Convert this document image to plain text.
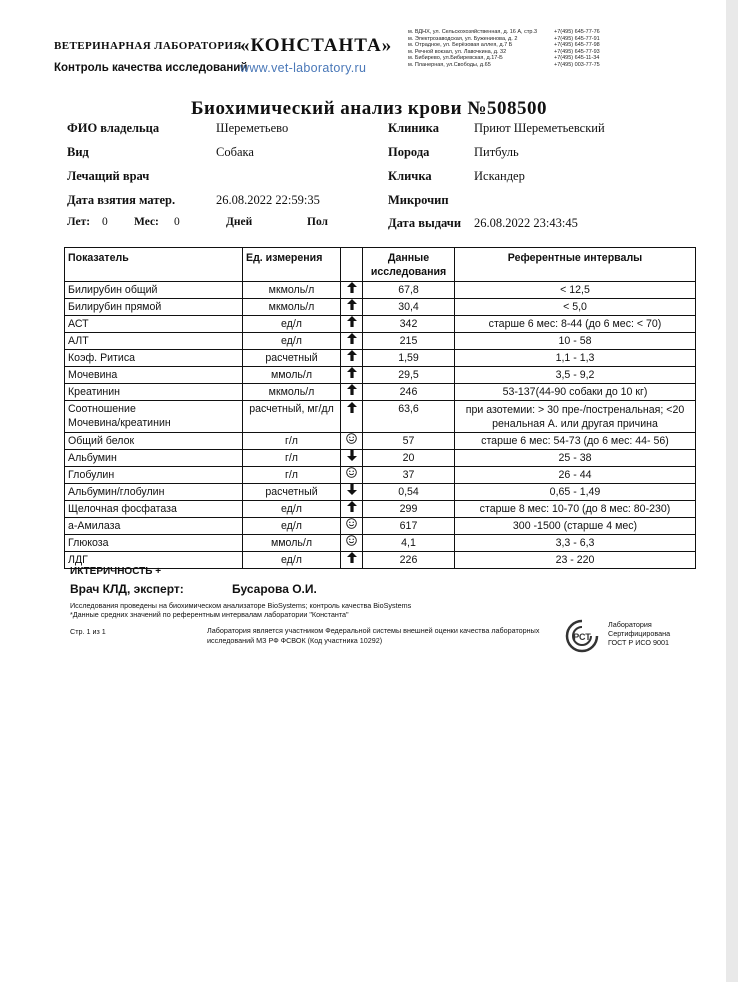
ВЕТЕРИНАРНАЯ ЛАБОРАТОРИЯ
«КОНСТАНТА»
Контроль качества исследований
www.vet-laboratory.ru
м. ВДНХ, ул. Сельскохозяйственная, д. 16 А, стр.3
м. Электрозаводская, ул. Бужениновa, д. 2
м. Отрадное, ул. Берёзовая аллея, д.7 Б
м. Речной вокзал, ул. Лавочкина, д. 32
м. Бибирево, ул.Бибиревская, д.17-Б
м. Планерная, ул.Свободы, д.65
+7(495) 645-77-76
+7(495) 645-77-91
+7(495) 645-77-98
+7(495) 645-77-93
+7(495) 645-11-34
+7(495) 003-77-75
Биохимический анализ крови №508500
ФИО владельца	Шереметьево	Клиника	Приют Шереметьевский
Вид	Собака	Порода	Питбуль
Лечащий врач	Кличка	Искандер
Дата взятия матер.	26.08.2022 22:59:35	Микрочип
Лет: 0 Мес: 0	Дней	Пол	Дата выдачи 26.08.2022 23:43:45
Показатель	Ед. измерения		Данные исследования	Референтные интервалы
Билирубин общий	мкмоль/л		67,8	< 12,5
Билирубин прямой	мкмоль/л		30,4	< 5,0
АСТ	ед/л		342	старше 6 мес: 8-44 (до 6 мес: < 70)
АЛТ	ед/л		215	10 - 58
Коэф. Ритиса	расчетный		1,59	1,1 - 1,3
Мочевина	ммоль/л		29,5	3,5 - 9,2
Креатинин	мкмоль/л		246	53-137(44-90 собаки до 10 кг)
Соотношение
Мочевина/креатинин	расчетный, мг/дл		63,6	при азотемии: > 30 пре-/постренальная; <20
ренальная А. или другая причина
Общий белок	г/л		57	старше 6 мес: 54-73 (до 6 мес: 44- 56)
Альбумин	г/л		20	25 - 38
Глобулин	г/л		37	26 - 44
Альбумин/глобулин	расчетный		0,54	0,65 - 1,49
Щелочная фосфатаза	ед/л		299	старше 8 мес: 10-70 (до 8 мес: 80-230)
а-Амилаза	ед/л		617	300 -1500 (старше 4 мес)
Глюкоза	ммоль/л		4,1	3,3 - 6,3
ЛДГ	ед/л		226	23 - 220
ИКТЕРИЧНОСТЬ +
Врач КЛД, эксперт:	Бусарова О.И.
Исследования проведены на биохимическом анализаторе BioSystems; контроль качества BioSystems
*Данные средних значений по референтным интервалам лаборатории "Константа"
Стр. 1 из 1	Лаборатория является участником Федеральной системы внешней оценки качества лабораторных исследований МЗ РФ ФСВОК (Код участника 10292)	РСТ
Лаборатория
Сертифицирована
ГОСТ Р ИСО 9001
